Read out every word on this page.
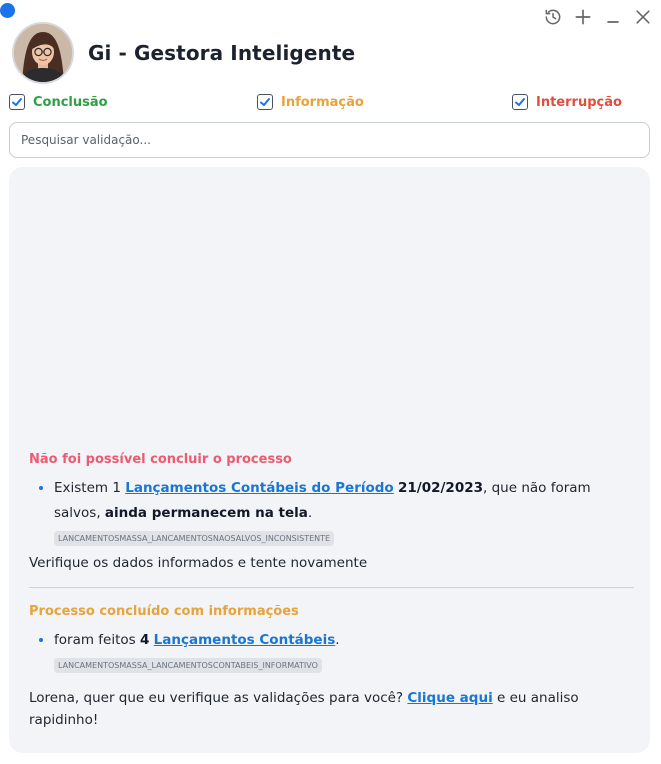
Gi - Gestora Inteligente
Conclusão	Informação	Interrupção
Pesquisar validação...
Não foi possível concluir o processo
• Existem 1 Lançamentos Contábeis do Período 21/02/2023, que não foram salvos, ainda permanecem na tela.
LANCAMENTOSMASSA_LANCAMENTOSNAOSALVOS_INCONSISTENTE
Verifique os dados informados e tente novamente
Processo concluído com informações
• foram feitos 4 Lançamentos Contábeis.
LANCAMENTOSMASSA_LANCAMENTOSCONTABEIS_INFORMATIVO
Lorena, quer que eu verifique as validações para você? Clique aqui e eu analiso rapidinho!
